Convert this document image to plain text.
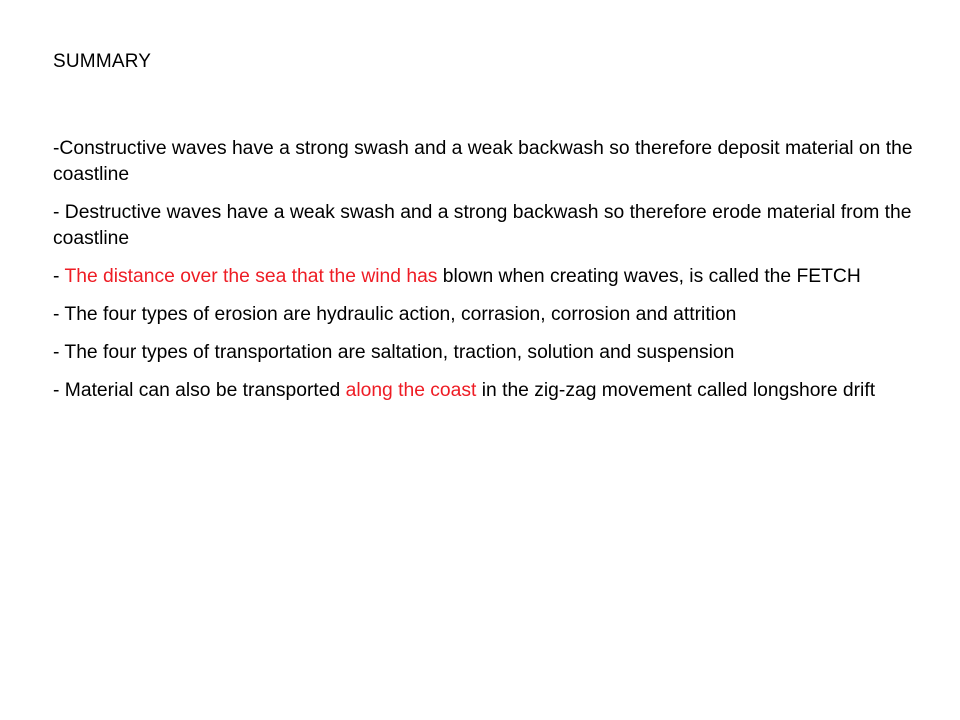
SUMMARY

-Constructive waves have a strong swash and a weak backwash so therefore deposit material on the coastline

- Destructive waves have a weak swash and a strong backwash so therefore erode material from the coastline

- The distance over the sea that the wind has blown when creating waves, is called the FETCH

- The four types of erosion are hydraulic action, corrasion, corrosion and attrition

- The four types of transportation are saltation, traction, solution and suspension

- Material can also be transported along the coast in the zig-zag movement called longshore drift
